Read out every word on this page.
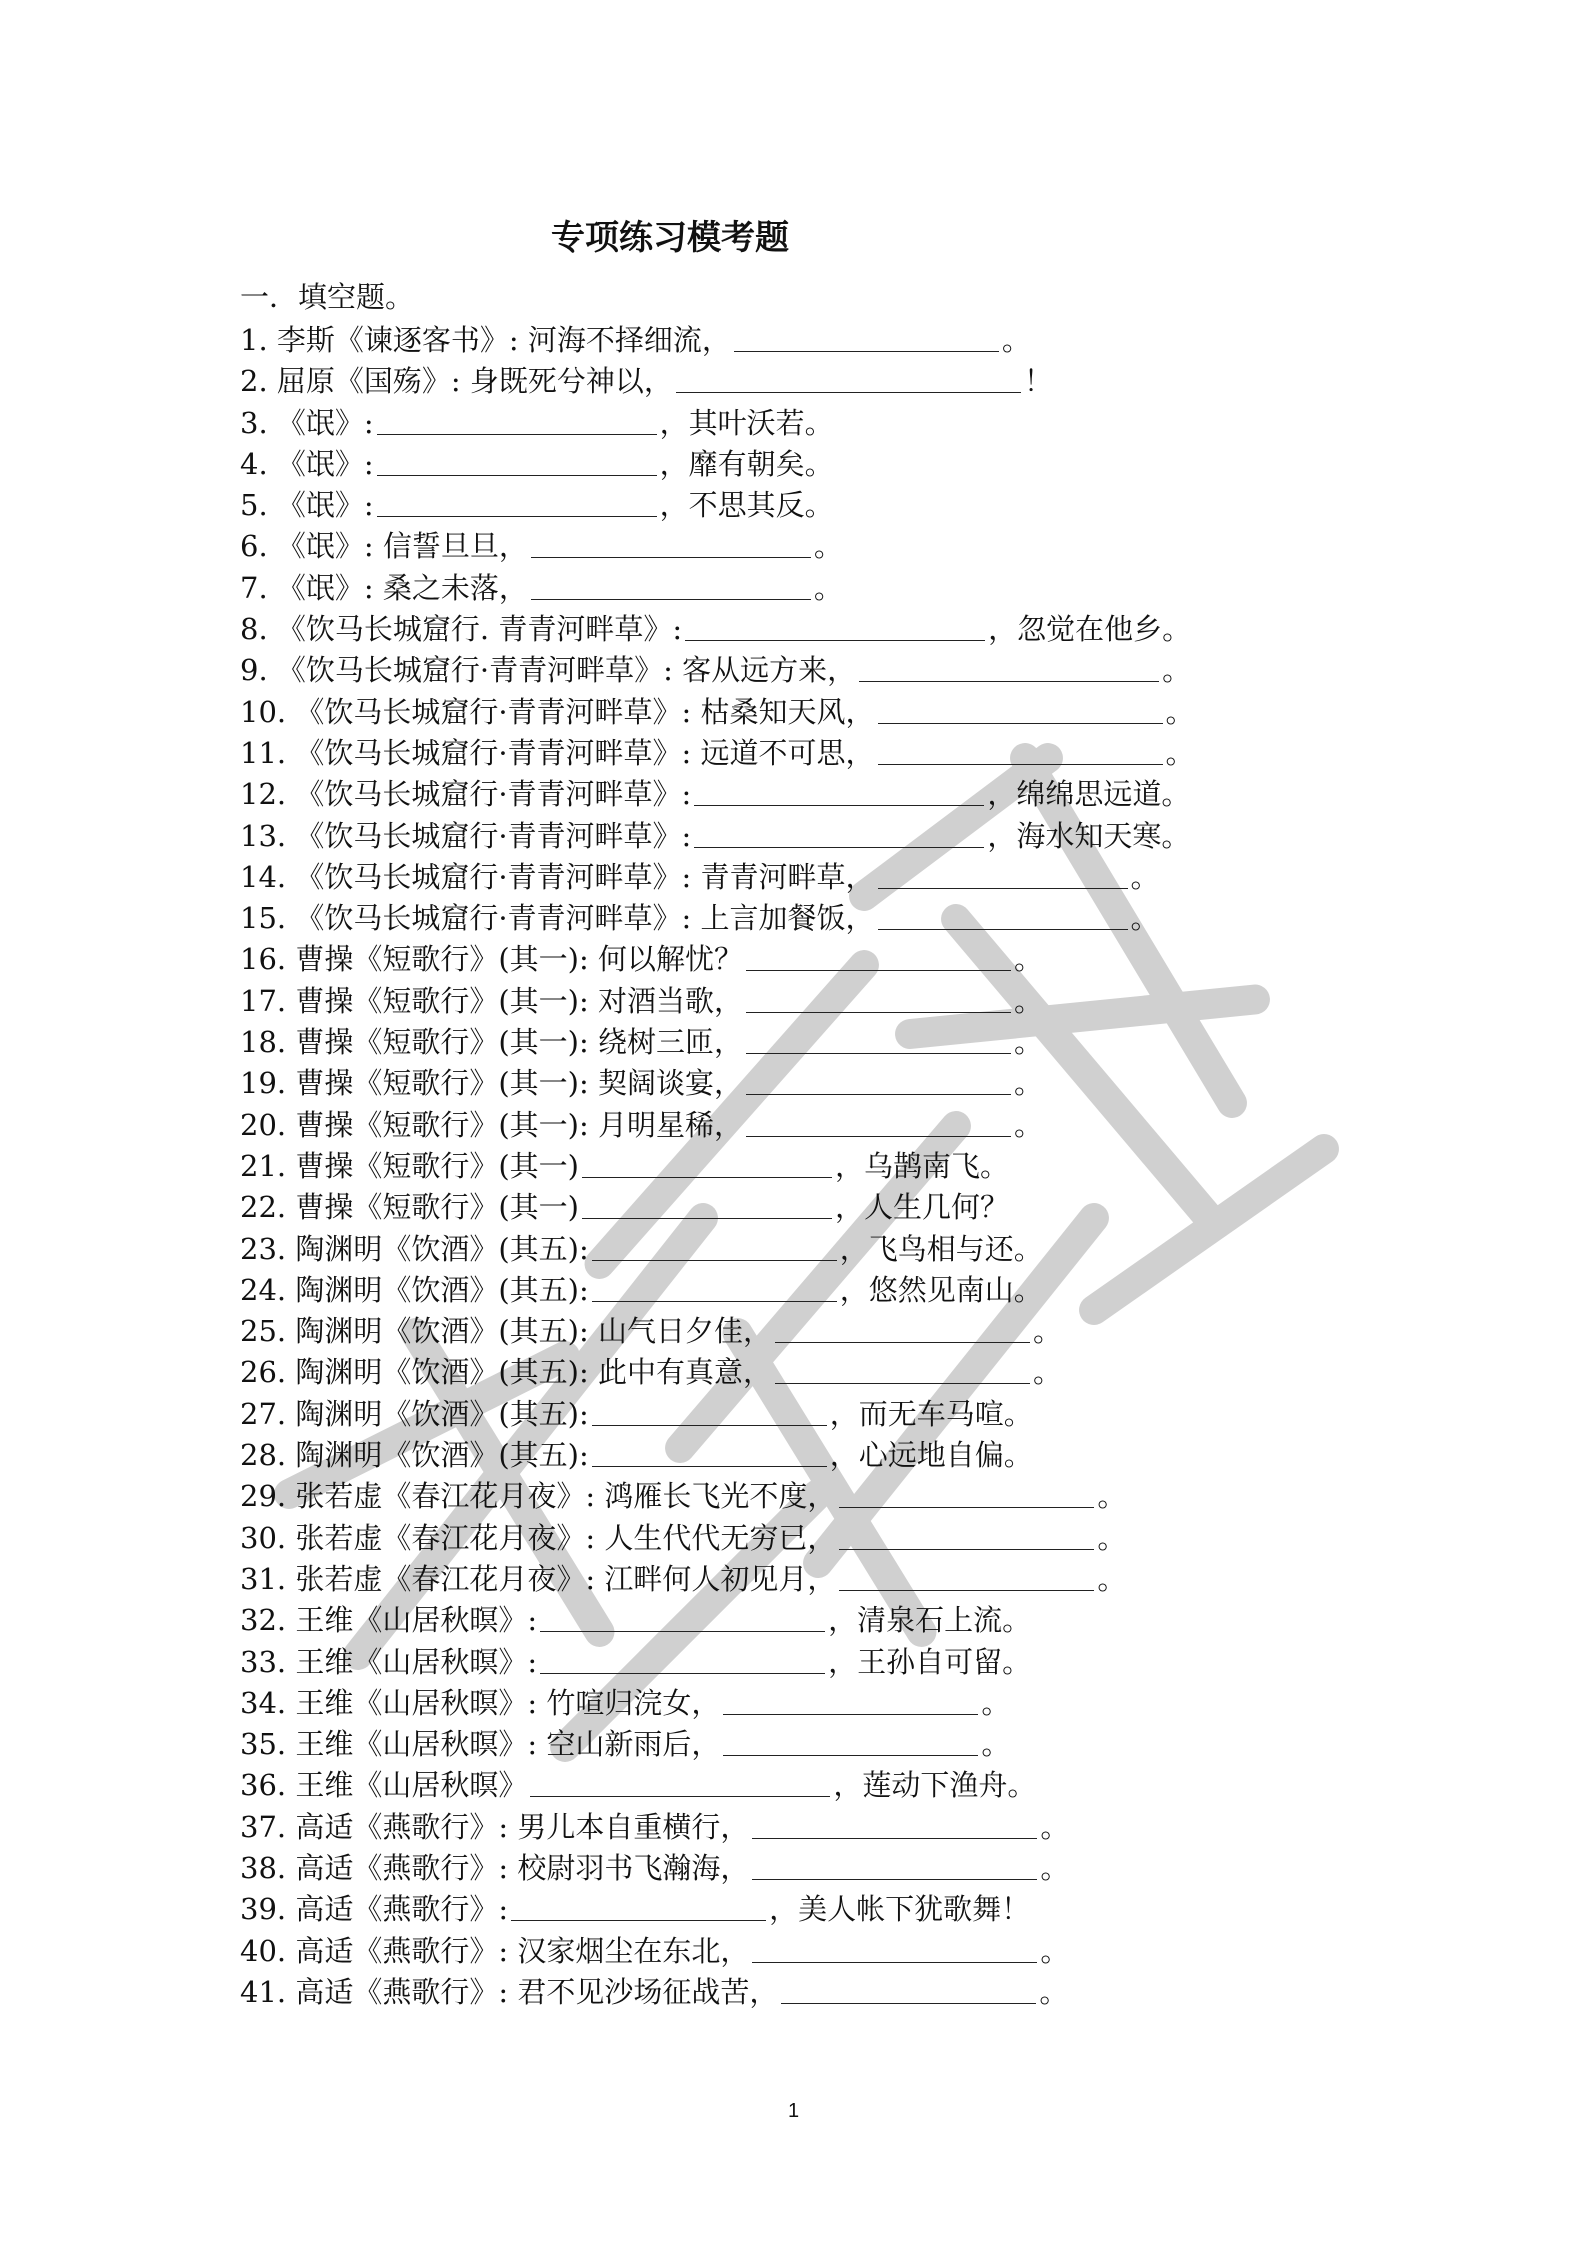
专项练习模考题
一．填空题。
1. 李斯《谏逐客书》: 河海不择细流，	。
2. 屈原《国殇》: 身既死兮神以，	！
3. 《氓》:	，其叶沃若。
4. 《氓》:	，靡有朝矣。
5. 《氓》:	，不思其反。
6. 《氓》: 信誓旦旦，	。
7. 《氓》: 桑之未落，	。
8. 《饮马长城窟行. 青青河畔草》:	，忽觉在他乡。
9. 《饮马长城窟行·青青河畔草》: 客从远方来，	。
10. 《饮马长城窟行·青青河畔草》: 枯桑知天风，	。
11. 《饮马长城窟行·青青河畔草》: 远道不可思，	。
12. 《饮马长城窟行·青青河畔草》:	，绵绵思远道。
13. 《饮马长城窟行·青青河畔草》:	，海水知天寒。
14. 《饮马长城窟行·青青河畔草》: 青青河畔草，	。
15. 《饮马长城窟行·青青河畔草》: 上言加餐饭，	。
16. 曹操《短歌行》(其一): 何以解忧？	。
17. 曹操《短歌行》(其一): 对酒当歌，	。
18. 曹操《短歌行》(其一): 绕树三匝，	。
19. 曹操《短歌行》(其一): 契阔谈宴，	。
20. 曹操《短歌行》(其一): 月明星稀，	。
21. 曹操《短歌行》(其一)	，乌鹊南飞。
22. 曹操《短歌行》(其一)	，人生几何？
23. 陶渊明《饮酒》(其五):	，飞鸟相与还。
24. 陶渊明《饮酒》(其五):	，悠然见南山。
25. 陶渊明《饮酒》(其五): 山气日夕佳，	。
26. 陶渊明《饮酒》(其五): 此中有真意，	。
27. 陶渊明《饮酒》(其五):	，而无车马喧。
28. 陶渊明《饮酒》(其五):	，心远地自偏。
29. 张若虚《春江花月夜》: 鸿雁长飞光不度，	。
30. 张若虚《春江花月夜》: 人生代代无穷已，	。
31. 张若虚《春江花月夜》: 江畔何人初见月，	。
32. 王维《山居秋暝》:	，清泉石上流。
33. 王维《山居秋暝》:	，王孙自可留。
34. 王维《山居秋暝》: 竹喧归浣女，	。
35. 王维《山居秋暝》: 空山新雨后，	。
36. 王维《山居秋暝》	，莲动下渔舟。
37. 高适《燕歌行》: 男儿本自重横行，	。
38. 高适《燕歌行》: 校尉羽书飞瀚海，	。
39. 高适《燕歌行》:	，美人帐下犹歌舞！
40. 高适《燕歌行》: 汉家烟尘在东北，	。
41. 高适《燕歌行》: 君不见沙场征战苦，	。
1
